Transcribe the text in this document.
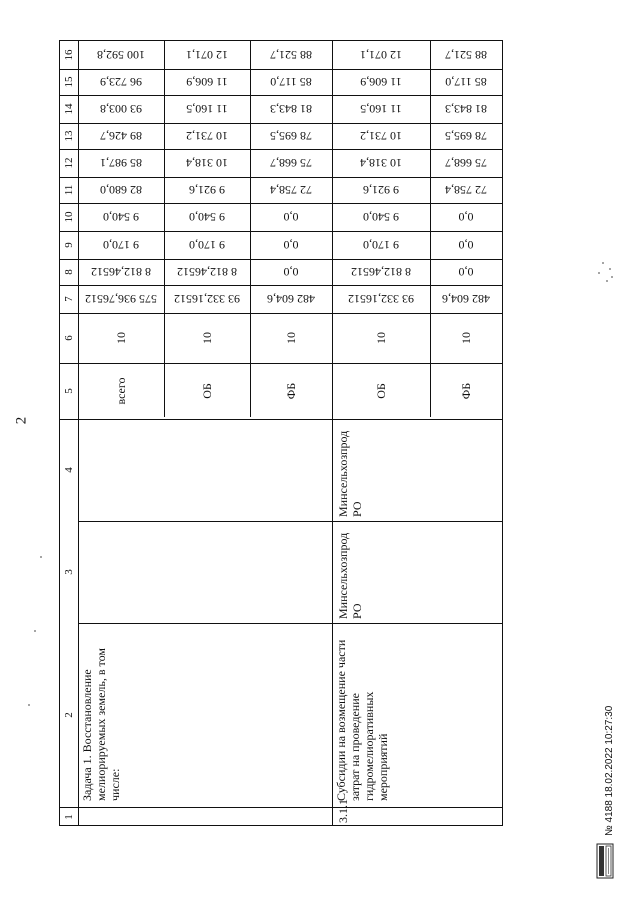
2
16
15
14
13
12
11
10
9
8
7
6
5
4
3
2
1
575 936,76512
8 812,46512
9 170,0
9 540,0
82 680,0
85 987,1
89 426,7
93 003,8
96 723,9
100 592,8
10
всего
93 332,16512
8 812,46512
9 170,0
9 540,0
9 921,6
10 318,4
10 731,2
11 160,5
11 606,9
12 071,1
10
ОБ
482 604,6
0,0
0,0
0,0
72 758,4
75 668,7
78 695,5
81 843,3
85 117,0
88 521,7
10
ФБ
93 332,16512
8 812,46512
9 170,0
9 540,0
9 921,6
10 318,4
10 731,2
11 160,5
11 606,9
12 071,1
10
ОБ
482 604,6
0,0
0,0
0,0
72 758,4
75 668,7
78 695,5
81 843,3
85 117,0
88 521,7
10
ФБ
Задача 1. Восстановление мелиорируемых земель, в том числе:
3.1.1
Субсидии на возмещение части затрат на проведение гидромелиоративных мероприятий
Минсельхозпрод РО
Минсельхозпрод РО
№ 4188 18.02.2022 10:27:30
